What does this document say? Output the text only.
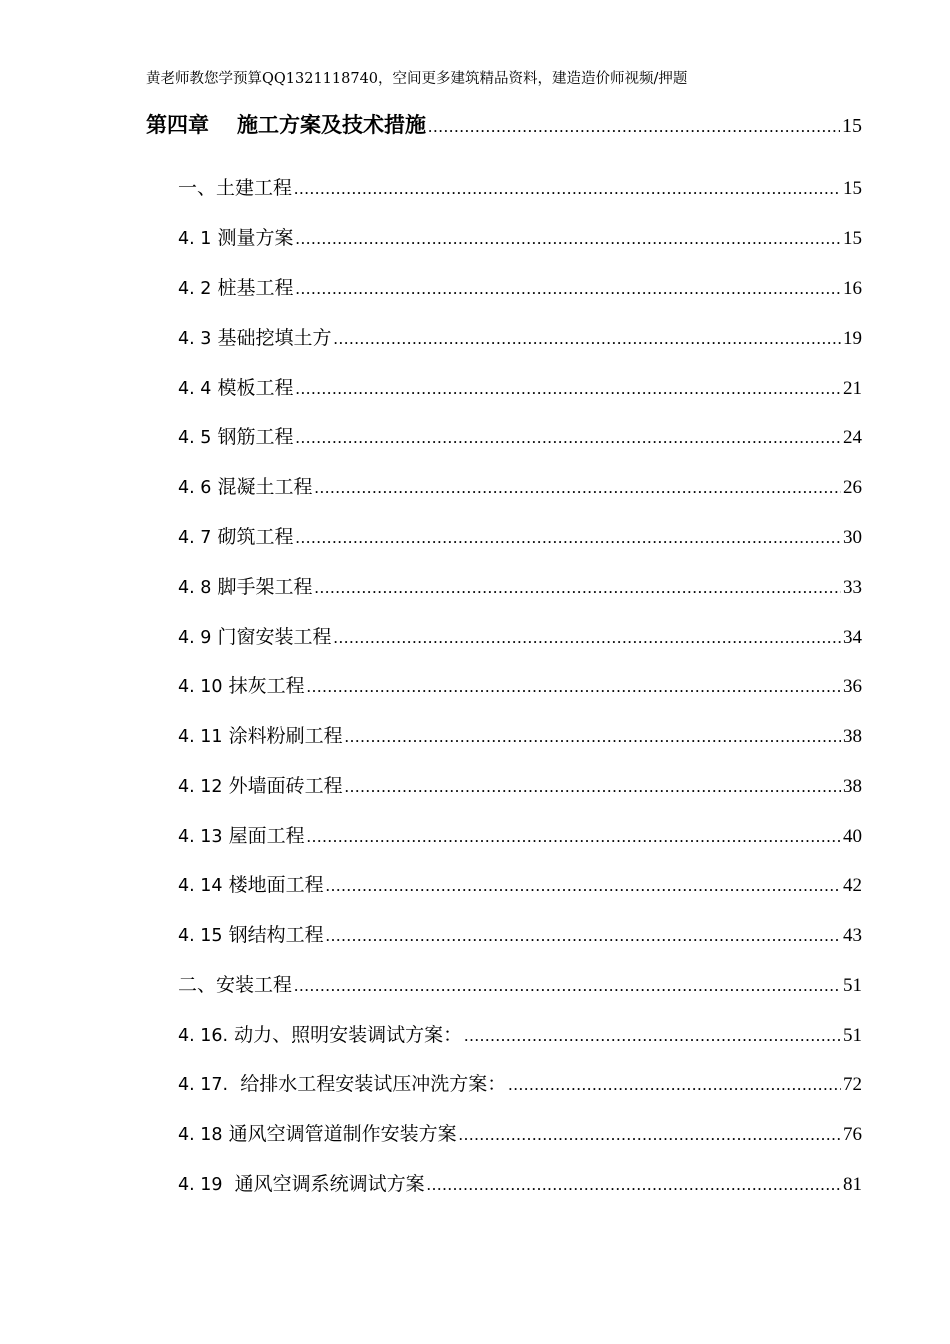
黄老师教您学预算QQ1321118740，空间更多建筑精品资料，建造造价师视频/押题
第四章 施工方案及技术措施 .....	15
一、土建工程 .....	15
4. 1 测量方案 .....	15
4. 2 桩基工程 .....	16
4. 3 基础挖填土方 .....	19
4. 4 模板工程 .....	21
4. 5 钢筋工程 .....	24
4. 6 混凝土工程 .....	26
4. 7 砌筑工程 .....	30
4. 8 脚手架工程 .....	33
4. 9 门窗安装工程 .....	34
4. 10 抹灰工程 .....	36
4. 11 涂料粉刷工程 .....	38
4. 12 外墙面砖工程 .....	38
4. 13 屋面工程 .....	40
4. 14 楼地面工程 .....	42
4. 15 钢结构工程 .....	43
二、安装工程 .....	51
4. 16. 动力、照明安装调试方案： .....	51
4. 17. 给排水工程安装试压冲洗方案： .....	72
4. 18 通风空调管道制作安装方案 .....	76
4. 19 通风空调系统调试方案 .....	81
